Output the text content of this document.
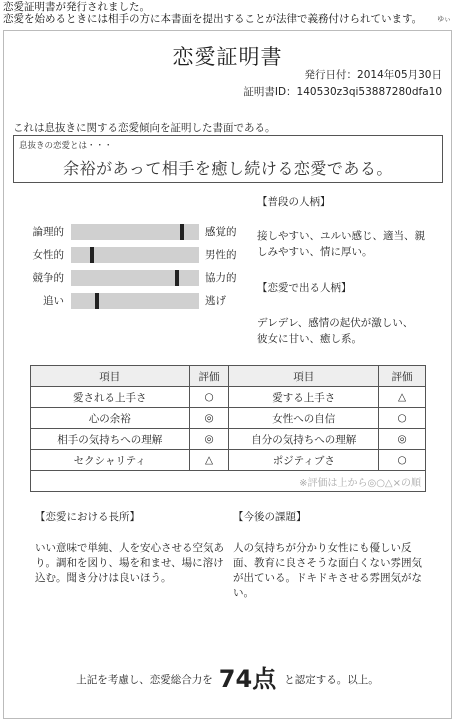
恋愛証明書が発行されました。
恋愛を始めるときには相手の方に本書面を提出することが法律で義務付けられています。 ゆぃ
恋愛証明書
発行日付：2014年05月30日
証明書ID：140530z3qi53887280dfa10
これは息抜きに関する恋愛傾向を証明した書面である。
息抜きの恋愛とは・・・
余裕があって相手を癒し続ける恋愛である。
論理的	感覚的
女性的	男性的
競争的	協力的
追い	逃げ
【普段の人柄】
接しやすい、ユルい感じ、適当、親しみやすい、情に厚い。
【恋愛で出る人柄】
デレデレ、感情の起伏が激しい、彼女に甘い、癒し系。
項目	評価	項目	評価
愛される上手さ	○	愛する上手さ	△
心の余裕	◎	女性への自信	○
相手の気持ちへの理解	◎	自分の気持ちへの理解	◎
セクシャリティ	△	ポジティブさ	○
※評価は上から◎○△×の順			
【恋愛における長所】
いい意味で単純、人を安心させる空気あり。調和を図り、場を和ませ、場に溶け込む。聞き分けは良いほう。
【今後の課題】
人の気持ちが分かり女性にも優しい反面、教育に良さそうな面白くない雰囲気が出ている。ドキドキさせる雰囲気がない。
上記を考慮し、恋愛総合力を 74点 と認定する。以上。
